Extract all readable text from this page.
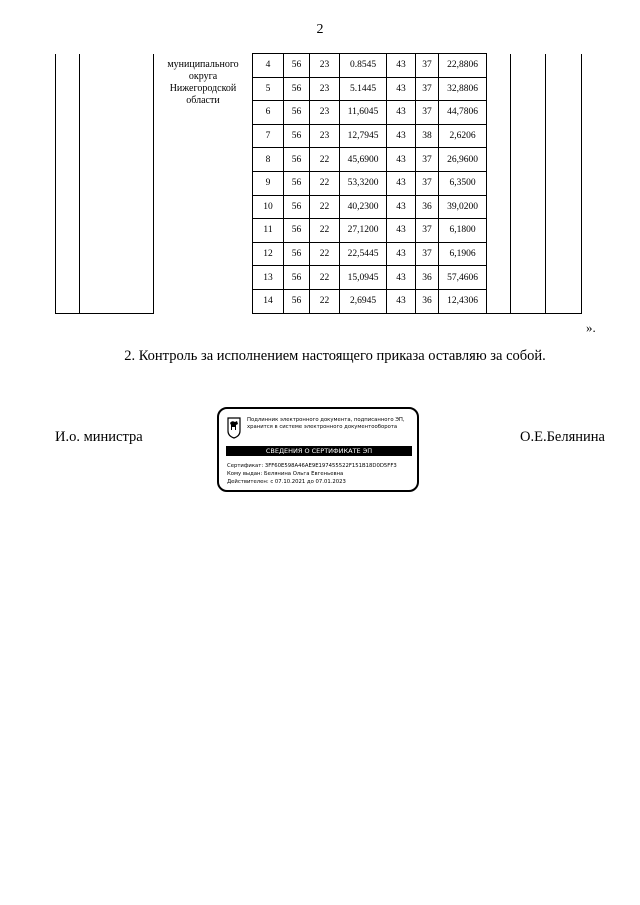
2

		муниципального
округа
Нижегородской
области	4	56	23	0.8545	43	37	22,8806			
			5	56	23	5.1445	43	37	32,8806			
			6	56	23	11,6045	43	37	44,7806			
			7	56	23	12,7945	43	38	2,6206			
			8	56	22	45,6900	43	37	26,9600			
			9	56	22	53,3200	43	37	6,3500			
			10	56	22	40,2300	43	36	39,0200			
			11	56	22	27,1200	43	37	6,1800			
			12	56	22	22,5445	43	37	6,1906			
			13	56	22	15,0945	43	36	57,4606			
			14	56	22	2,6945	43	36	12,4306			
».
2. Контроль за исполнением настоящего приказа оставляю за собой.
И.о. министра	О.Е.Белянина
Подлинник электронного документа, подписанного ЭП,
хранится в системе электронного документооборота
СВЕДЕНИЯ О СЕРТИФИКАТЕ ЭП
Сертификат: 3FF60E598A46AE9E197455522F151B18D0D5FF3
Кому выдан: Белянина Ольга Евгеньевна
Действителен: с 07.10.2021 до 07.01.2023
